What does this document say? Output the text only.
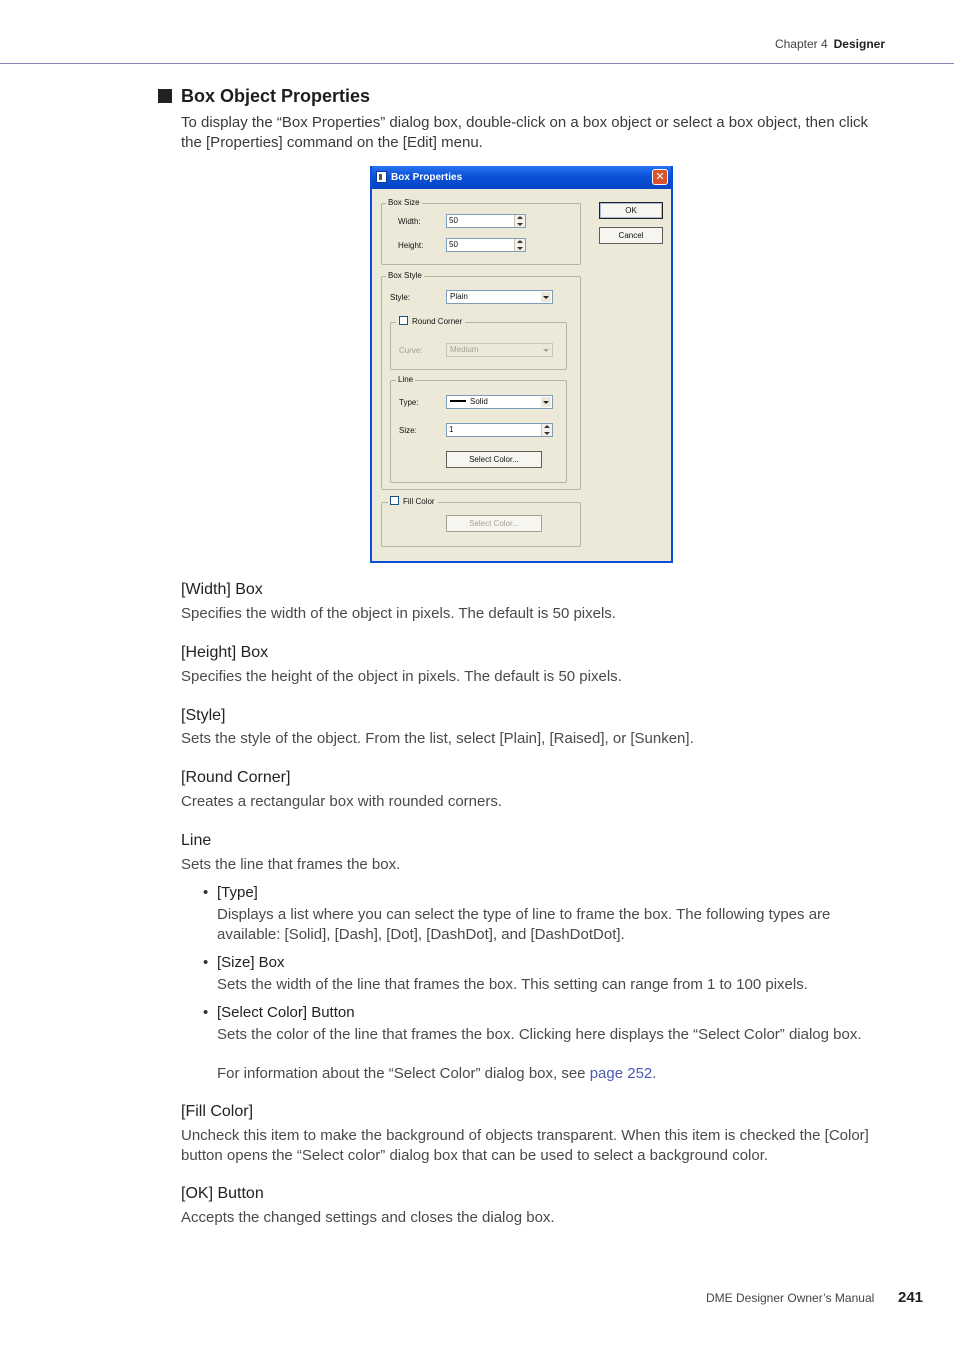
Chapter 4 Designer
Box Object Properties
To display the “Box Properties” dialog box, double-click on a box object or select a box object, then click the [Properties] command on the [Edit] menu.
Box Properties	✕
Box Size
Width:	50
Height:	50
OK
Cancel
Box Style
Style:	Plain
Round Corner
Curve:	Medium
Line
Type:	Solid
Size:	1
Select Color...
Fill Color
Select Color...
[Width] Box
Specifies the width of the object in pixels. The default is 50 pixels.
[Height] Box
Specifies the height of the object in pixels. The default is 50 pixels.
[Style]
Sets the style of the object. From the list, select [Plain], [Raised], or [Sunken].
[Round Corner]
Creates a rectangular box with rounded corners.
Line
Sets the line that frames the box.
• [Type]
Displays a list where you can select the type of line to frame the box. The following types are available: [Solid], [Dash], [Dot], [DashDot], and [DashDotDot].
• [Size] Box
Sets the width of the line that frames the box. This setting can range from 1 to 100 pixels.
• [Select Color] Button
Sets the color of the line that frames the box. Clicking here displays the “Select Color” dialog box.
For information about the “Select Color” dialog box, see page 252.
[Fill Color]
Uncheck this item to make the background of objects transparent. When this item is checked the [Color] button opens the “Select color” dialog box that can be used to select a background color.
[OK] Button
Accepts the changed settings and closes the dialog box.
DME Designer Owner’s Manual 241
